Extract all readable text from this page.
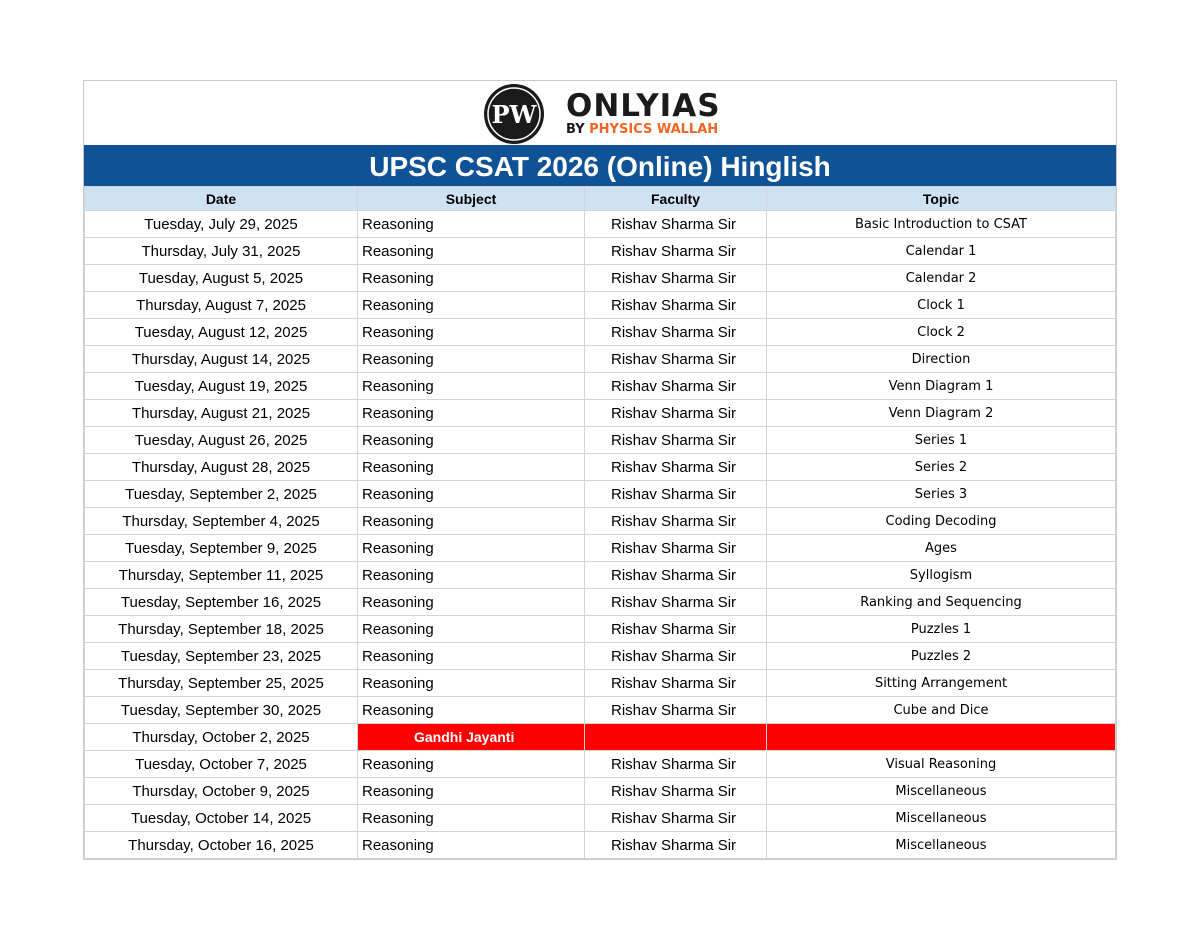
PW ONLYIAS
BY PHYSICS WALLAH
UPSC CSAT 2026 (Online) Hinglish
Date	Subject	Faculty	Topic
Tuesday, July 29, 2025	Reasoning	Rishav Sharma Sir	Basic Introduction to CSAT
Thursday, July 31, 2025	Reasoning	Rishav Sharma Sir	Calendar 1
Tuesday, August 5, 2025	Reasoning	Rishav Sharma Sir	Calendar 2
Thursday, August 7, 2025	Reasoning	Rishav Sharma Sir	Clock 1
Tuesday, August 12, 2025	Reasoning	Rishav Sharma Sir	Clock 2
Thursday, August 14, 2025	Reasoning	Rishav Sharma Sir	Direction
Tuesday, August 19, 2025	Reasoning	Rishav Sharma Sir	Venn Diagram 1
Thursday, August 21, 2025	Reasoning	Rishav Sharma Sir	Venn Diagram 2
Tuesday, August 26, 2025	Reasoning	Rishav Sharma Sir	Series 1
Thursday, August 28, 2025	Reasoning	Rishav Sharma Sir	Series 2
Tuesday, September 2, 2025	Reasoning	Rishav Sharma Sir	Series 3
Thursday, September 4, 2025	Reasoning	Rishav Sharma Sir	Coding Decoding
Tuesday, September 9, 2025	Reasoning	Rishav Sharma Sir	Ages
Thursday, September 11, 2025	Reasoning	Rishav Sharma Sir	Syllogism
Tuesday, September 16, 2025	Reasoning	Rishav Sharma Sir	Ranking and Sequencing
Thursday, September 18, 2025	Reasoning	Rishav Sharma Sir	Puzzles 1
Tuesday, September 23, 2025	Reasoning	Rishav Sharma Sir	Puzzles 2
Thursday, September 25, 2025	Reasoning	Rishav Sharma Sir	Sitting Arrangement
Tuesday, September 30, 2025	Reasoning	Rishav Sharma Sir	Cube and Dice
Thursday, October 2, 2025	Gandhi Jayanti		
Tuesday, October 7, 2025	Reasoning	Rishav Sharma Sir	Visual Reasoning
Thursday, October 9, 2025	Reasoning	Rishav Sharma Sir	Miscellaneous
Tuesday, October 14, 2025	Reasoning	Rishav Sharma Sir	Miscellaneous
Thursday, October 16, 2025	Reasoning	Rishav Sharma Sir	Miscellaneous
